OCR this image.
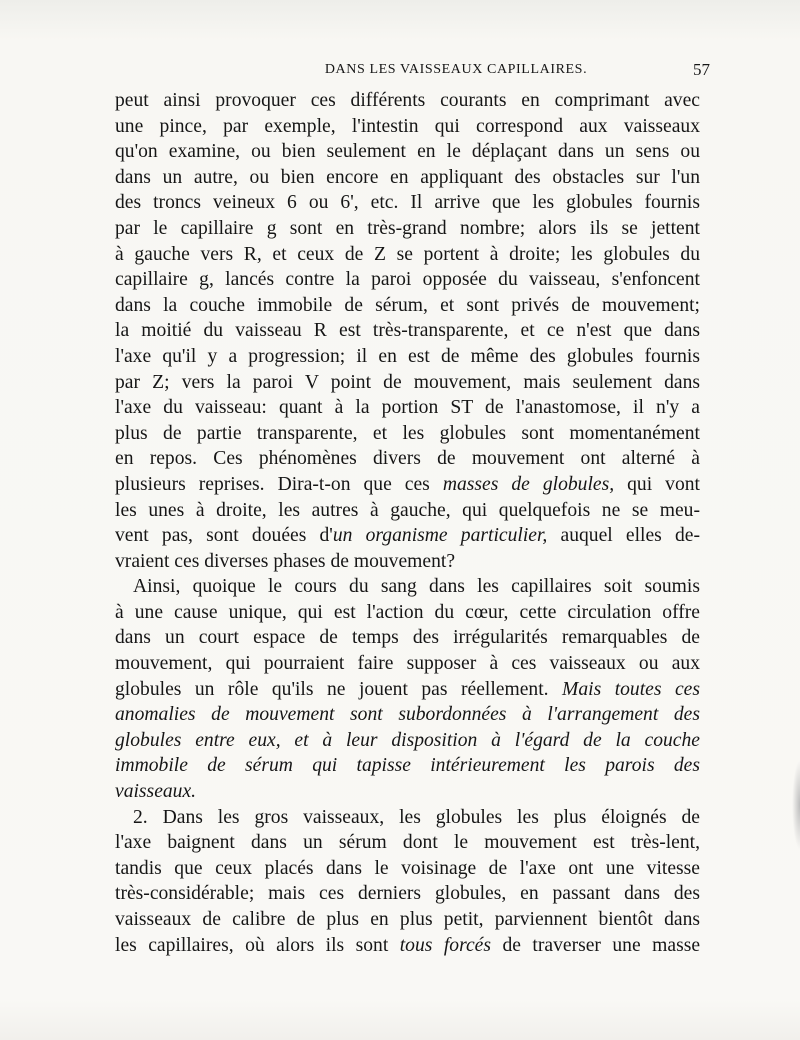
DANS LES VAISSEAUX CAPILLAIRES.	57
peut ainsi provoquer ces différents courants en comprimant avec
une pince, par exemple, l'intestin qui correspond aux vaisseaux
qu'on examine, ou bien seulement en le déplaçant dans un sens ou
dans un autre, ou bien encore en appliquant des obstacles sur l'un
des troncs veineux 6 ou 6', etc. Il arrive que les globules fournis
par le capillaire g sont en très-grand nombre; alors ils se jettent
à gauche vers R, et ceux de Z se portent à droite; les globules du
capillaire g, lancés contre la paroi opposée du vaisseau, s'enfoncent
dans la couche immobile de sérum, et sont privés de mouvement;
la moitié du vaisseau R est très-transparente, et ce n'est que dans
l'axe qu'il y a progression; il en est de même des globules fournis
par Z; vers la paroi V point de mouvement, mais seulement dans
l'axe du vaisseau: quant à la portion ST de l'anastomose, il n'y a
plus de partie transparente, et les globules sont momentanément
en repos. Ces phénomènes divers de mouvement ont alterné à
plusieurs reprises. Dira-t-on que ces masses de globules, qui vont
les unes à droite, les autres à gauche, qui quelquefois ne se meu-
vent pas, sont douées d'un organisme particulier, auquel elles de-
vraient ces diverses phases de mouvement?
Ainsi, quoique le cours du sang dans les capillaires soit soumis
à une cause unique, qui est l'action du cœur, cette circulation offre
dans un court espace de temps des irrégularités remarquables de
mouvement, qui pourraient faire supposer à ces vaisseaux ou aux
globules un rôle qu'ils ne jouent pas réellement. Mais toutes ces
anomalies de mouvement sont subordonnées à l'arrangement des
globules entre eux, et à leur disposition à l'égard de la couche
immobile de sérum qui tapisse intérieurement les parois des
vaisseaux.
2. Dans les gros vaisseaux, les globules les plus éloignés de
l'axe baignent dans un sérum dont le mouvement est très-lent,
tandis que ceux placés dans le voisinage de l'axe ont une vitesse
très-considérable; mais ces derniers globules, en passant dans des
vaisseaux de calibre de plus en plus petit, parviennent bientôt dans
les capillaires, où alors ils sont tous forcés de traverser une masse
